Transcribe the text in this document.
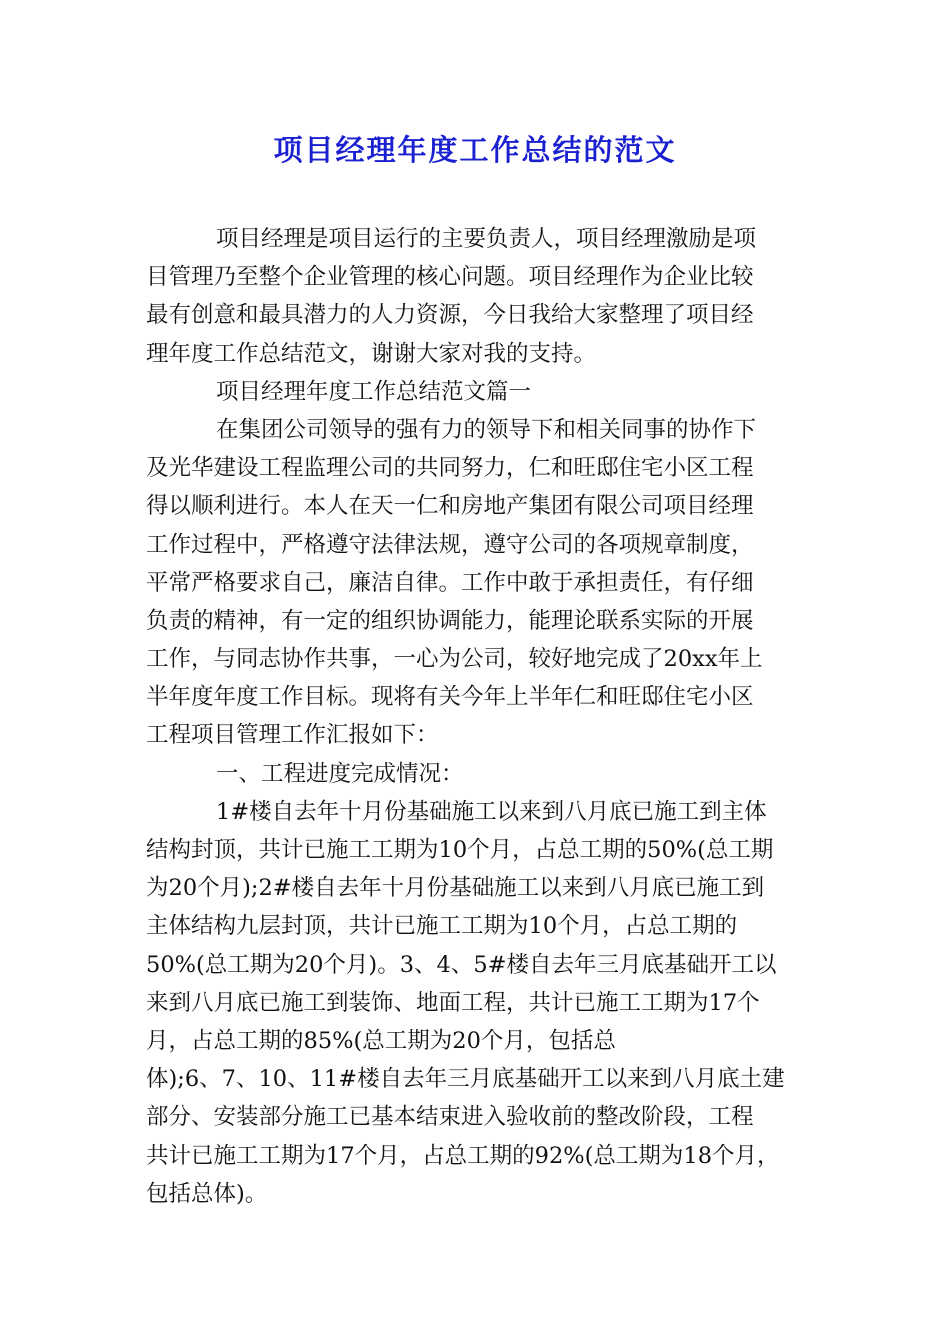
项目经理年度工作总结的范文
项目经理是项目运行的主要负责人，项目经理激励是项
目管理乃至整个企业管理的核心问题。项目经理作为企业比较
最有创意和最具潜力的人力资源，今日我给大家整理了项目经
理年度工作总结范文，谢谢大家对我的支持。
项目经理年度工作总结范文篇一
在集团公司领导的强有力的领导下和相关同事的协作下
及光华建设工程监理公司的共同努力，仁和旺邸住宅小区工程
得以顺利进行。本人在天一仁和房地产集团有限公司项目经理
工作过程中，严格遵守法律法规，遵守公司的各项规章制度，
平常严格要求自己，廉洁自律。工作中敢于承担责任，有仔细
负责的精神，有一定的组织协调能力，能理论联系实际的开展
工作，与同志协作共事，一心为公司，较好地完成了20xx年上
半年度年度工作目标。现将有关今年上半年仁和旺邸住宅小区
工程项目管理工作汇报如下：
一、工程进度完成情况：
1#楼自去年十月份基础施工以来到八月底已施工到主体
结构封顶，共计已施工工期为10个月，占总工期的50%(总工期
为20个月);2#楼自去年十月份基础施工以来到八月底已施工到
主体结构九层封顶，共计已施工工期为10个月，占总工期的
50%(总工期为20个月)。3、4、5#楼自去年三月底基础开工以
来到八月底已施工到装饰、地面工程，共计已施工工期为17个
月，占总工期的85%(总工期为20个月，包括总
体);6、7、10、11#楼自去年三月底基础开工以来到八月底土建
部分、安装部分施工已基本结束进入验收前的整改阶段，工程
共计已施工工期为17个月，占总工期的92%(总工期为18个月，
包括总体)。
